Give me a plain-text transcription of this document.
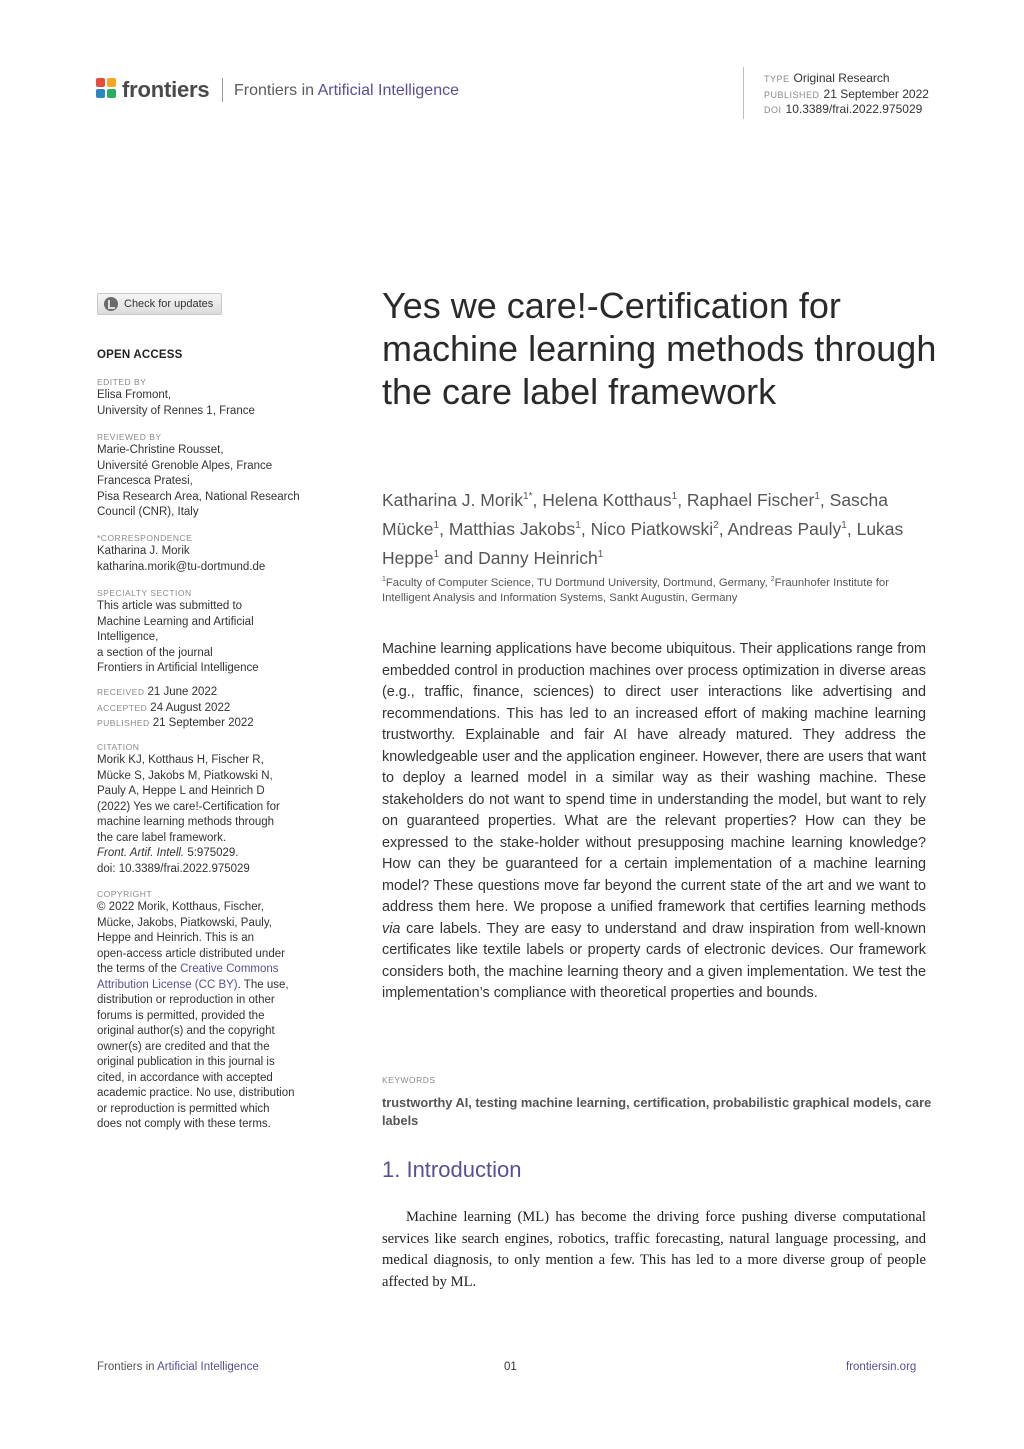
frontiers Frontiers in Artificial Intelligence
TYPE Original Research
PUBLISHED 21 September 2022
DOI 10.3389/frai.2022.975029
Check for updates
OPEN ACCESS
EDITED BY
Elisa Fromont,
University of Rennes 1, France
REVIEWED BY
Marie-Christine Rousset,
Université Grenoble Alpes, France
Francesca Pratesi,
Pisa Research Area, National Research
Council (CNR), Italy
*CORRESPONDENCE
Katharina J. Morik
katharina.morik@tu-dortmund.de
SPECIALTY SECTION
This article was submitted to
Machine Learning and Artificial
Intelligence,
a section of the journal
Frontiers in Artificial Intelligence
RECEIVED 21 June 2022
ACCEPTED 24 August 2022
PUBLISHED 21 September 2022
CITATION
Morik KJ, Kotthaus H, Fischer R,
Mücke S, Jakobs M, Piatkowski N,
Pauly A, Heppe L and Heinrich D
(2022) Yes we care!-Certification for
machine learning methods through
the care label framework.
Front. Artif. Intell. 5:975029.
doi: 10.3389/frai.2022.975029
COPYRIGHT
© 2022 Morik, Kotthaus, Fischer,
Mücke, Jakobs, Piatkowski, Pauly,
Heppe and Heinrich. This is an
open-access article distributed under
the terms of the Creative Commons
Attribution License (CC BY). The use,
distribution or reproduction in other
forums is permitted, provided the
original author(s) and the copyright
owner(s) are credited and that the
original publication in this journal is
cited, in accordance with accepted
academic practice. No use, distribution
or reproduction is permitted which
does not comply with these terms.
Yes we care!-Certification for machine learning methods through the care label framework
Katharina J. Morik$^{1*}$, Helena Kotthaus$^1$, Raphael Fischer$^1$, Sascha Mücke$^1$, Matthias Jakobs$^1$, Nico Piatkowski$^2$, Andreas Pauly$^1$, Lukas Heppe$^1$ and Danny Heinrich$^1$
$^1$Faculty of Computer Science, TU Dortmund University, Dortmund, Germany, $^2$Fraunhofer Institute for Intelligent Analysis and Information Systems, Sankt Augustin, Germany
Machine learning applications have become ubiquitous. Their applications range from embedded control in production machines over process optimization in diverse areas (e.g., traffic, finance, sciences) to direct user interactions like advertising and recommendations. This has led to an increased effort of making machine learning trustworthy. Explainable and fair AI have already matured. They address the knowledgeable user and the application engineer. However, there are users that want to deploy a learned model in a similar way as their washing machine. These stakeholders do not want to spend time in understanding the model, but want to rely on guaranteed properties. What are the relevant properties? How can they be expressed to the stake-holder without presupposing machine learning knowledge? How can they be guaranteed for a certain implementation of a machine learning model? These questions move far beyond the current state of the art and we want to address them here. We propose a unified framework that certifies learning methods via care labels. They are easy to understand and draw inspiration from well-known certificates like textile labels or property cards of electronic devices. Our framework considers both, the machine learning theory and a given implementation. We test the implementation’s compliance with theoretical properties and bounds.
KEYWORDS
trustworthy AI, testing machine learning, certification, probabilistic graphical models, care labels
1. Introduction

Machine learning (ML) has become the driving force pushing diverse computational services like search engines, robotics, traffic forecasting, natural language processing, and medical diagnosis, to only mention a few. This has led to a more diverse group of people affected by ML.

Frontiers in Artificial Intelligence	01	frontiersin.org
